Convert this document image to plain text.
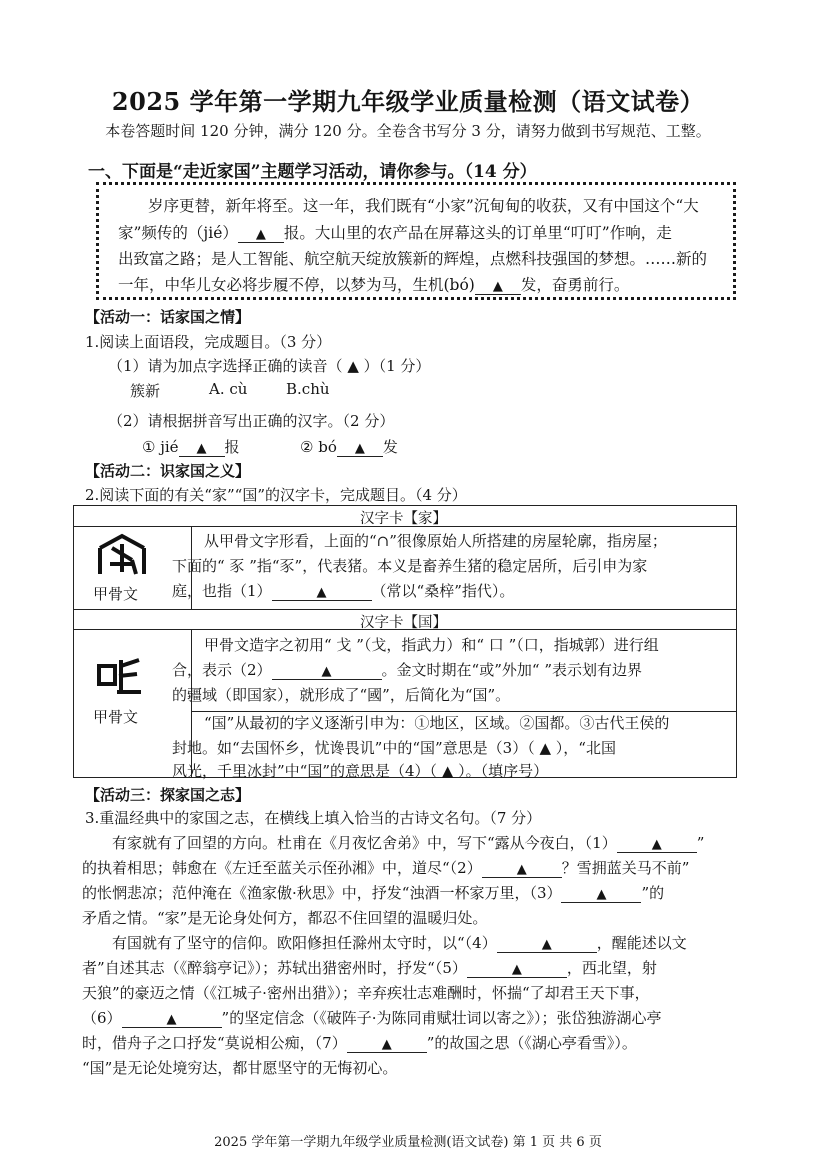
2025 学年第一学期九年级学业质量检测（语文试卷）
本卷答题时间 120 分钟，满分 120 分。全卷含书写分 3 分，请努力做到书写规范、工整。
一、下面是“走近家国”主题学习活动，请你参与。（14 分）
岁序更替，新年将至。这一年，我们既有“小家”沉甸甸的收获，又有中国这个“大
家”频传的（jié） ▲ 报。大山里的农产品在屏幕这头的订单里“叮叮”作响，走
出致富之路；是人工智能、航空航天绽放簇新的辉煌，点燃科技强国的梦想。……新的
一年，中华儿女必将步履不停，以梦为马，生机(bó) ▲ 发，奋勇前行。
【活动一：话家国之情】
1.阅读上面语段，完成题目。（3 分）
（1）请为加点字选择正确的读音（ ▲ ）（1 分）
簇新	A. cù	B.chù
（2）请根据拼音写出正确的汉字。（2 分）
① jié ▲ 报	② bó ▲ 发
【活动二：识家国之义】
2.阅读下面的有关“家”“国”的汉字卡，完成题目。（4 分）
汉字卡【家】
甲骨文
从甲骨文字形看，上面的“∩”很像原始人所搭建的房屋轮廓，指房屋；
下面的“ 豕 ”指“豕”，代表猪。本义是畜养生猪的稳定居所，后引申为家
庭，也指（1）	▲	（常以“桑梓”指代）。
汉字卡【国】
甲骨文
甲骨文造字之初用“ 戈 ”（戈，指武力）和“ 口 ”（口，指城郭）进行组
合，表示（2）	▲	。金文时期在“或”外加“ ”表示划有边界
的疆域（即国家），就形成了“國”，后简化为“国”。
“国”从最初的字义逐渐引申为：①地区，区域。②国都。③古代王侯的
封地。如“去国怀乡，忧谗畏讥”中的“国”意思是（3）（ ▲ ），“北国
风光，千里冰封”中“国”的意思是（4）（ ▲ ）。（填序号）
【活动三：探家国之志】
3.重温经典中的家国之志，在横线上填入恰当的古诗文名句。（7 分）
有家就有了回望的方向。杜甫在《月夜忆舍弟》中，写下“露从今夜白，（1）	▲ ”
的执着相思；韩愈在《左迁至蓝关示侄孙湘》中，道尽“（2）	▲ ？雪拥蓝关马不前”
的怅惘悲凉；范仲淹在《渔家傲·秋思》中，抒发“浊酒一杯家万里，（3）	▲ ”的
矛盾之情。“家”是无论身处何方，都忍不住回望的温暖归处。
有国就有了坚守的信仰。欧阳修担任滁州太守时，以“（4）	▲	，醒能述以文
者”自述其志（《醉翁亭记》）；苏轼出猎密州时，抒发“（5）	▲	，西北望，射
天狼”的豪迈之情（《江城子·密州出猎》）；辛弃疾壮志难酬时，怀揣“了却君王天下事，
（6）	▲	”的坚定信念（《破阵子·为陈同甫赋壮词以寄之》）；张岱独游湖心亭
时，借舟子之口抒发“莫说相公痴，（7）	▲ ”的故国之思（《湖心亭看雪》）。
“国”是无论处境穷达，都甘愿坚守的无悔初心。
2025 学年第一学期九年级学业质量检测(语文试卷) 第 1 页 共 6 页
